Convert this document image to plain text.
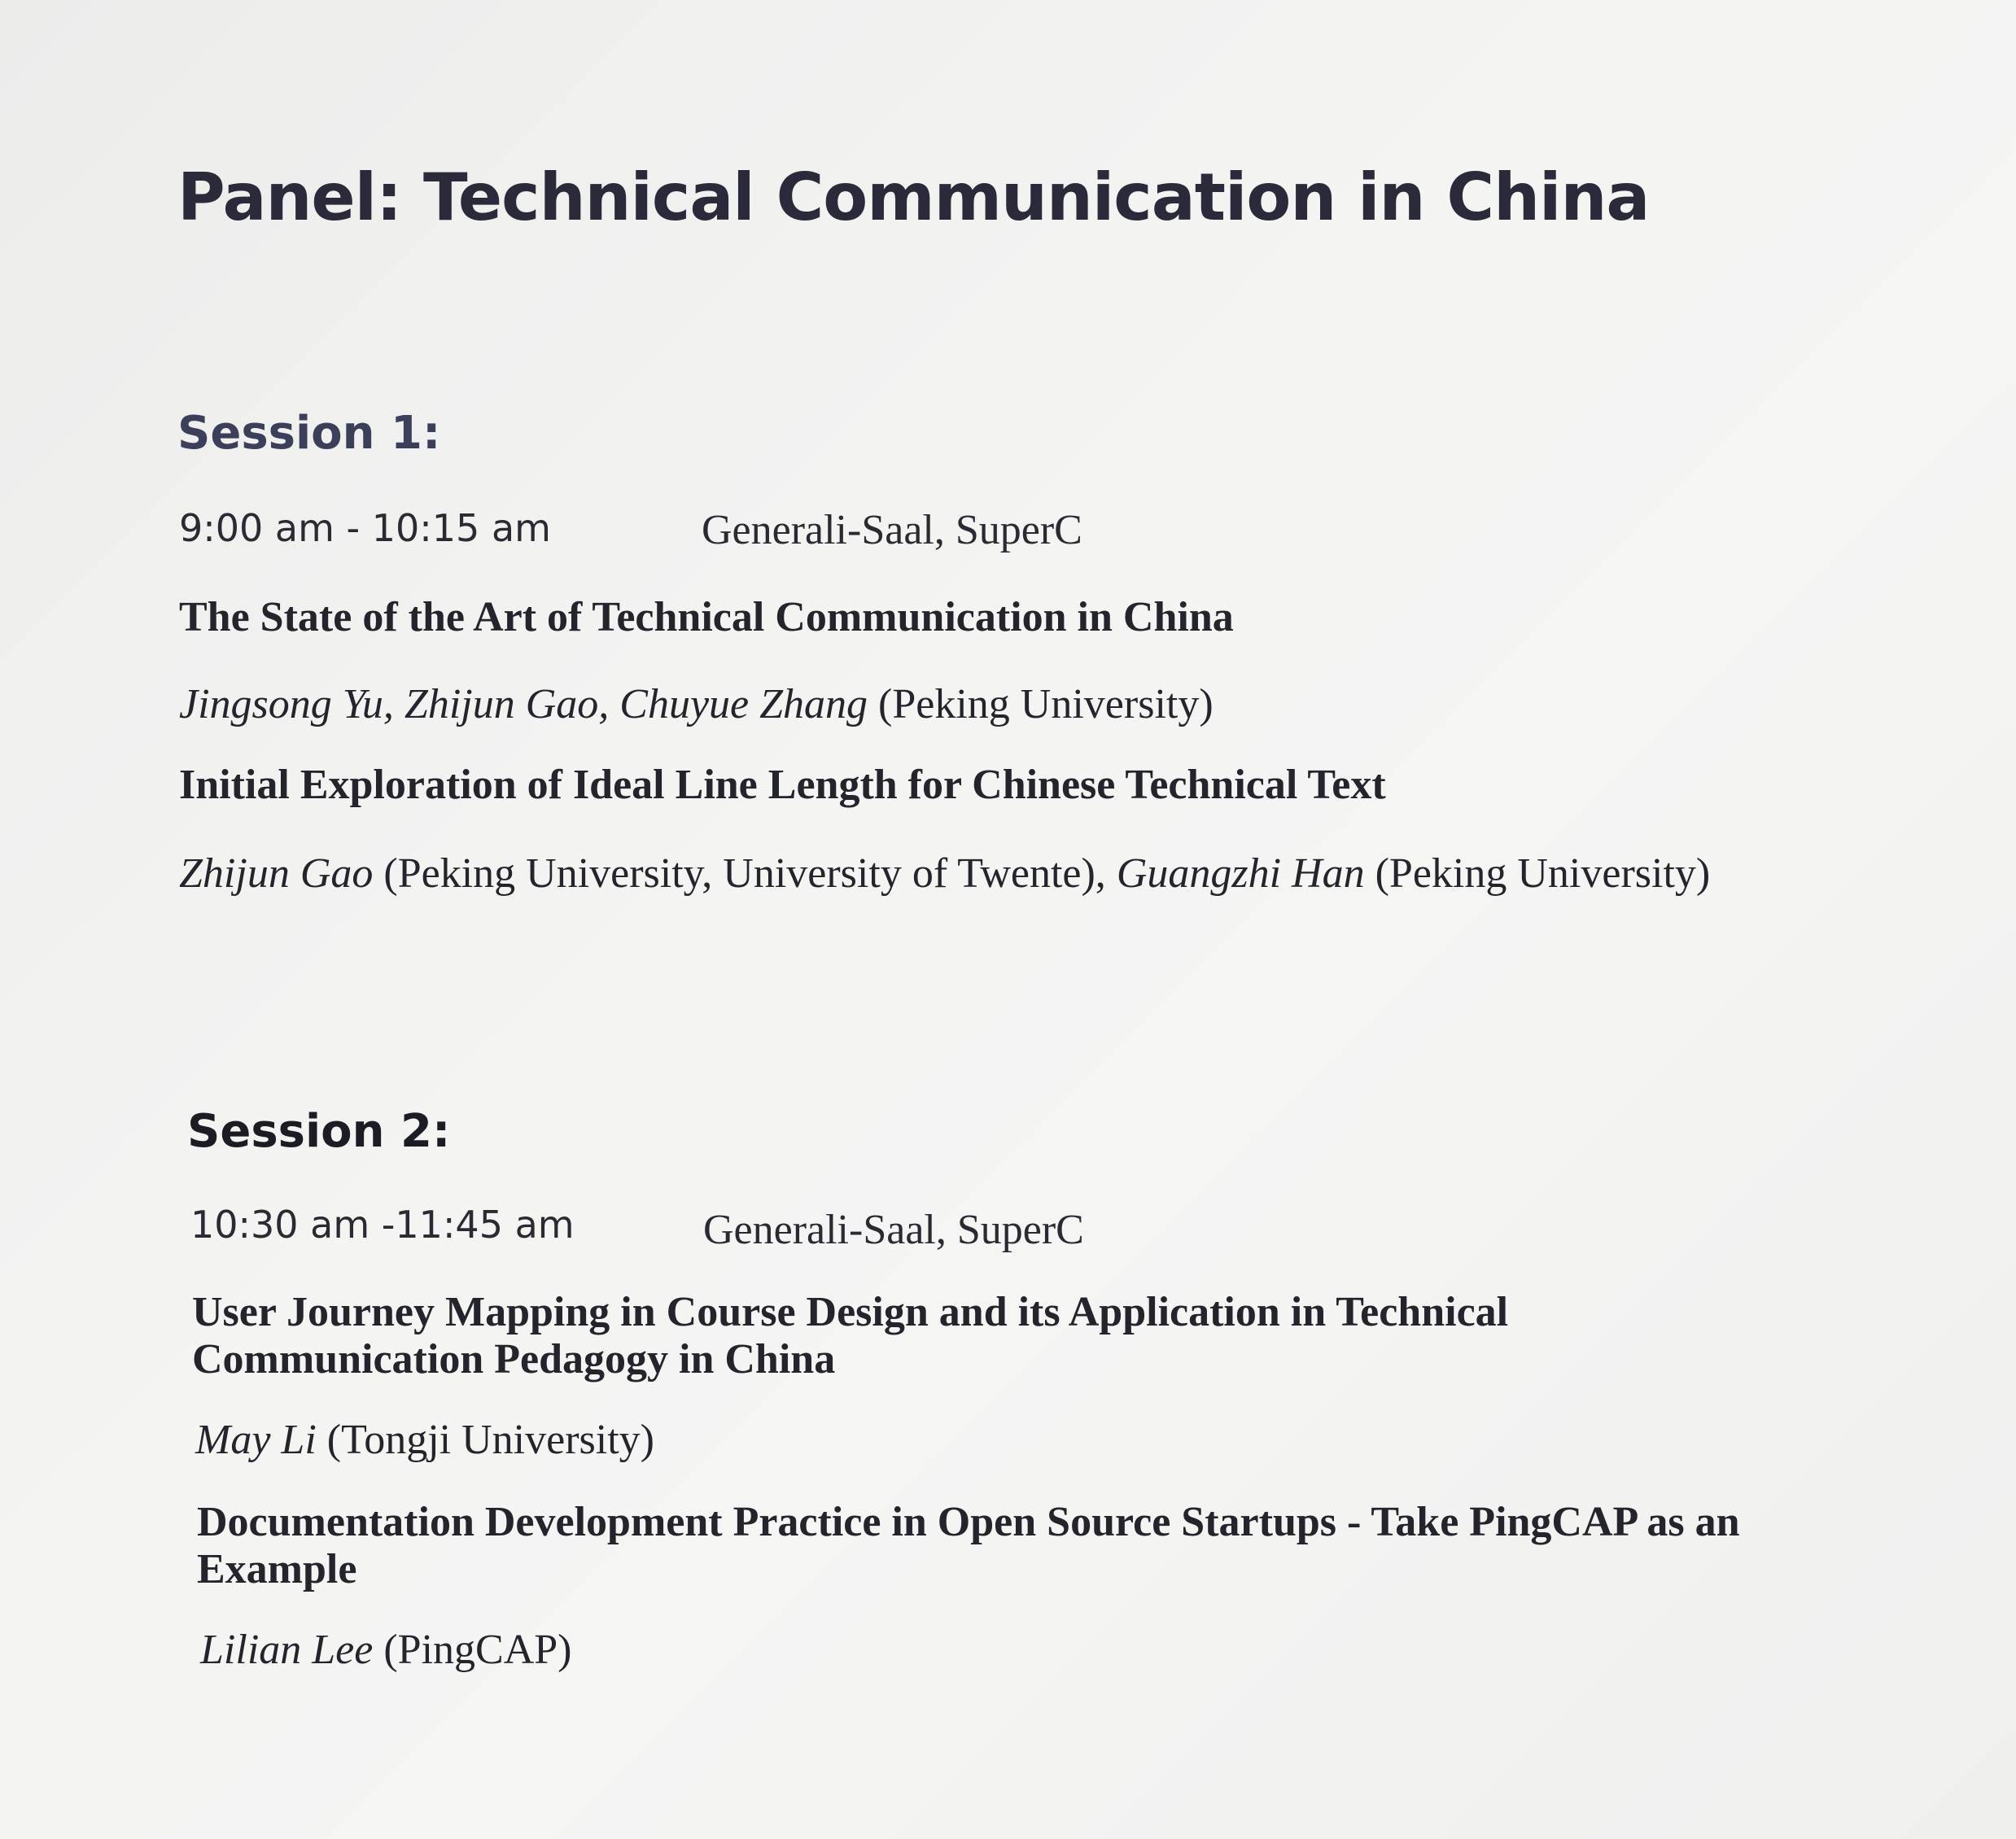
Panel: Technical Communication in China
Session 1:
9:00 am - 10:15 am	Generali-Saal, SuperC
The State of the Art of Technical Communication in China

Jingsong Yu, Zhijun Gao, Chuyue Zhang (Peking University)

Initial Exploration of Ideal Line Length for Chinese Technical Text

Zhijun Gao (Peking University, University of Twente), Guangzhi Han (Peking University)

Session 2:
10:30 am -11:45 am	Generali-Saal, SuperC
User Journey Mapping in Course Design and its Application in Technical
Communication Pedagogy in China

May Li (Tongji University)

Documentation Development Practice in Open Source Startups - Take PingCAP as an
Example

Lilian Lee (PingCAP)
